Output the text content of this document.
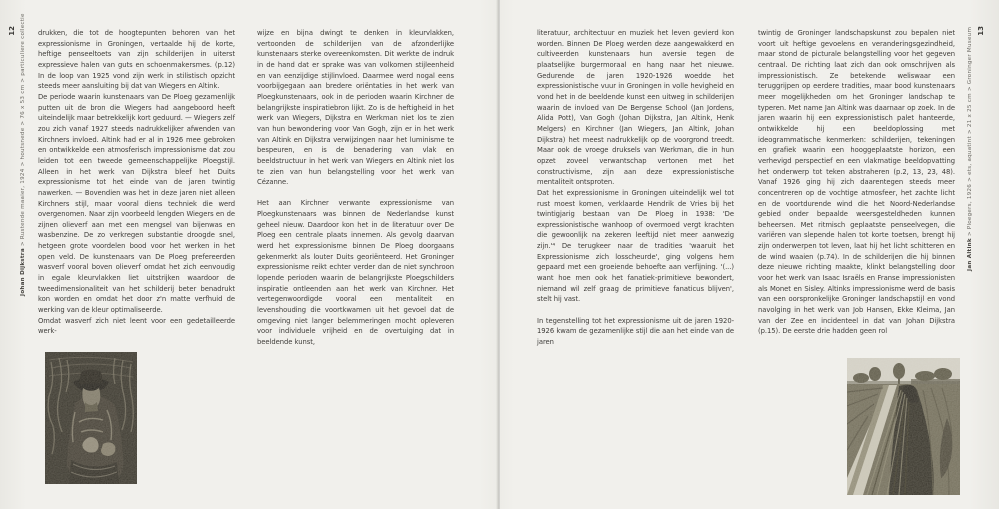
12
Johan Dijkstra > Rustende maaier, 1924 > houtsnede > 76 x 53 cm > particuliere collectie drukken, die tot de hoogtepunten behoren van het expressionisme in Groningen, vertaalde hij de korte, heftige penseeltoets van zijn schilderijen in uiterst expressieve halen van guts en schoenmakersmes. (p.12) In de loop van 1925 vond zijn werk in stilistisch opzicht steeds meer aansluiting bij dat van Wiegers en Altink.

De periode waarin kunstenaars van De Ploeg gezamenlijk putten uit de bron die Wiegers had aangeboord heeft uiteindelijk maar betrekkelijk kort geduurd. — Wiegers zelf zou zich vanaf 1927 steeds nadrukkelijker afwenden van Kirchners invloed. Altink had er al in 1926 mee gebroken en ontwikkelde een atmosferisch impressionisme dat zou leiden tot een tweede gemeenschappelijke Ploegstijl. Alleen in het werk van Dijkstra bleef het Duits expressionisme tot het einde van de jaren twintig nawerken. — Bovendien was het in deze jaren niet alleen Kirchners stijl, maar vooral diens techniek die werd overgenomen. Naar zijn voorbeeld lengden Wiegers en de zijnen olieverf aan met een mengsel van bijenwas en wasbenzine. De zo verkregen substantie droogde snel, hetgeen grote voordelen bood voor het werken in het open veld. De kunstenaars van De Ploeg prefereerden wasverf vooral boven olieverf omdat het zich eenvoudig in egale kleurvlakken liet uitstrijken waardoor de tweedimensionaliteit van het schilderij beter benadrukt kon worden en omdat het door z'n matte verfhuid de werking van de kleur optimaliseerde.

Omdat wasverf zich niet leent voor een gedetailleerde werk-

wijze en bijna dwingt te denken in kleurvlakken, vertoonden de schilderijen van de afzonderlijke kunstenaars sterke overeenkomsten. Dit werkte de indruk in de hand dat er sprake was van volkomen stijleenheid en van eenzijdige stijlinvloed. Daarmee werd nogal eens voorbijgegaan aan bredere oriëntaties in het werk van Ploegkunstenaars, ook in de perioden waarin Kirchner de belangrijkste inspiratiebron lijkt. Zo is de heftigheid in het werk van Wiegers, Dijkstra en Werkman niet los te zien van hun bewondering voor Van Gogh, zijn er in het werk van Altink en Dijkstra verwijzingen naar het luminisme te bespeuren, en is de benadering van vlak en beeldstructuur in het werk van Wiegers en Altink niet los te zien van hun belangstelling voor het werk van Cézanne.

Het aan Kirchner verwante expressionisme van Ploegkunstenaars was binnen de Nederlandse kunst geheel nieuw. Daardoor kon het in de literatuur over De Ploeg een centrale plaats innemen. Als gevolg daarvan werd het expressionisme binnen De Ploeg doorgaans gekenmerkt als louter Duits georiënteerd. Het Groninger expressionisme reikt echter verder dan de niet synchroon lopende perioden waarin de belangrijkste Ploegschilders inspiratie ontleenden aan het werk van Kirchner. Het vertegenwoordigde vooral een mentaliteit en levenshouding die voortkwamen uit het gevoel dat de omgeving niet langer belemmeringen mocht opleveren voor individuele vrijheid en de overtuiging dat in beeldende kunst,

13
Jan Altink > Ploegers, 1926 > ets, aquatint > 21 x 25 cm > Groninger Museum

literatuur, architectuur en muziek het leven gevierd kon worden. Binnen De Ploeg werden deze aangewakkerd en cultiveerden kunstenaars hun aversie tegen de plaatselijke burgermoraal en hang naar het nieuwe. Gedurende de jaren 1920-1926 woedde het expressionistische vuur in Groningen in volle hevigheid en vond het in de beeldende kunst een uitweg in schilderijen waarin de invloed van De Bergense School (Jan Jordens, Alida Pott), Van Gogh (Johan Dijkstra, Jan Altink, Henk Melgers) en Kirchner (Jan Wiegers, Jan Altink, Johan Dijkstra) het meest nadrukkelijk op de voorgrond treedt. Maar ook de vroege druksels van Werkman, die in hun opzet zoveel verwantschap vertonen met het constructivisme, zijn aan deze expressionistische mentaliteit ontsproten.

Dat het expressionisme in Groningen uiteindelijk wel tot rust moest komen, verklaarde Hendrik de Vries bij het twintigjarig bestaan van De Ploeg in 1938: 'De expressionistische wanhoop of overmoed vergt krachten die gewoonlijk na zekeren leeftijd niet meer aanwezig zijn.'⁴ De terugkeer naar de tradities 'waaruit het Expressionisme zich losscheurde', ging volgens hem gepaard met een groeiende behoefte aan verfijning. '(...) want hoe men ook het fanatiek-primitieve bewondert, niemand wil zelf graag de primitieve fanaticus blijven', stelt hij vast.

In tegenstelling tot het expressionisme uit de jaren 1920-1926 kwam de gezamenlijke stijl die aan het einde van de jaren

twintig de Groninger landschapskunst zou bepalen niet voort uit heftige gevoelens en veranderingsgezindheid, maar stond de picturale belangstelling voor het gegeven centraal. De richting laat zich dan ook omschrijven als impressionistisch. Ze betekende weliswaar een teruggrijpen op eerdere tradities, maar bood kunstenaars meer mogelijkheden om het Groninger landschap te typeren. Met name Jan Altink was daarnaar op zoek. In de jaren waarin hij een expressionistisch palet hanteerde, ontwikkelde hij een beeldoplossing met ideogrammatische kenmerken: schilderijen, tekeningen en grafiek waarin een hooggeplaatste horizon, een verhevigd perspectief en een vlakmatige beeldopvatting het onderwerp tot teken abstraheren (p.2, 13, 23, 48). Vanaf 1926 ging hij zich daarentegen steeds meer concentreren op de vochtige atmosfeer, het zachte licht en de voortdurende wind die het Noord-Nederlandse gebied onder bepaalde weersgesteldheden kunnen beheersen. Met ritmisch geplaatste penseelvegen, die variëren van slepende halen tot korte toetsen, brengt hij zijn onderwerpen tot leven, laat hij het licht schitteren en de wind waaien (p.74). In de schilderijen die hij binnen deze nieuwe richting maakte, klinkt belangstelling door voor het werk van Isaac Israëls en Franse impressionisten als Monet en Sisley. Altinks impressionisme werd de basis van een oorspronkelijke Groninger landschapstijl en vond navolging in het werk van Job Hansen, Ekke Kleima, Jan van der Zee en incidenteel in dat van Johan Dijkstra (p.15). De eerste drie hadden geen rol
